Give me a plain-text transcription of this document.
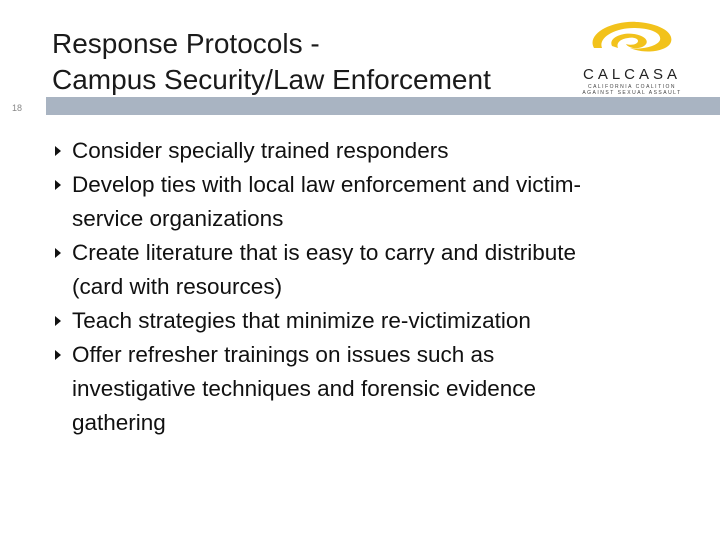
Response Protocols -
Campus Security/Law Enforcement	CALCASA
CALIFORNIA COALITION
AGAINST SEXUAL ASSAULT
18
Consider specially trained responders
Develop ties with local law enforcement and victim-
service organizations
Create literature that is easy to carry and distribute
(card with resources)
Teach strategies that minimize re-victimization
Offer refresher trainings on issues such as
investigative techniques and forensic evidence
gathering
